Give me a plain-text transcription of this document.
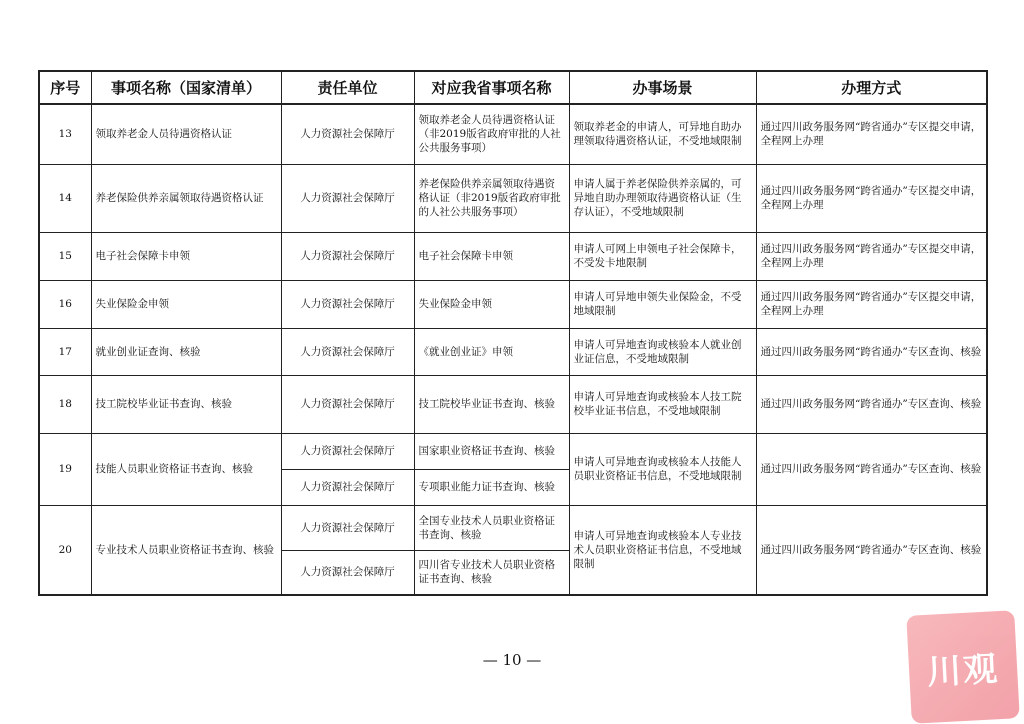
序号	事项名称（国家清单）	责任单位	对应我省事项名称	办事场景	办理方式
13	领取养老金人员待遇资格认证	人力资源社会保障厅	领取养老金人员待遇资格认证（非2019版省政府审批的人社公共服务事项）	领取养老金的申请人，可异地自助办理领取待遇资格认证，不受地域限制	通过四川政务服务网“跨省通办”专区提交申请，全程网上办理
14	养老保险供养亲属领取待遇资格认证	人力资源社会保障厅	养老保险供养亲属领取待遇资格认证（非2019版省政府审批的人社公共服务事项）	申请人属于养老保险供养亲属的，可异地自助办理领取待遇资格认证（生存认证），不受地域限制	通过四川政务服务网“跨省通办”专区提交申请，全程网上办理
15	电子社会保障卡申领	人力资源社会保障厅	电子社会保障卡申领	申请人可网上申领电子社会保障卡，不受发卡地限制	通过四川政务服务网“跨省通办”专区提交申请，全程网上办理
16	失业保险金申领	人力资源社会保障厅	失业保险金申领	申请人可异地申领失业保险金，不受地域限制	通过四川政务服务网“跨省通办”专区提交申请，全程网上办理
17	就业创业证查询、核验	人力资源社会保障厅	《就业创业证》申领	申请人可异地查询或核验本人就业创业证信息，不受地域限制	通过四川政务服务网“跨省通办”专区查询、核验
18	技工院校毕业证书查询、核验	人力资源社会保障厅	技工院校毕业证书查询、核验	申请人可异地查询或核验本人技工院校毕业证书信息，不受地域限制	通过四川政务服务网“跨省通办”专区查询、核验
19	技能人员职业资格证书查询、核验	人力资源社会保障厅	国家职业资格证书查询、核验	申请人可异地查询或核验本人技能人员职业资格证书信息，不受地域限制	通过四川政务服务网“跨省通办”专区查询、核验
		人力资源社会保障厅	专项职业能力证书查询、核验		
20	专业技术人员职业资格证书查询、核验	人力资源社会保障厅	全国专业技术人员职业资格证书查询、核验	申请人可异地查询或核验本人专业技术人员职业资格证书信息，不受地域限制	通过四川政务服务网“跨省通办”专区查询、核验
		人力资源社会保障厅	四川省专业技术人员职业资格证书查询、核验		
— 10 —	川观
